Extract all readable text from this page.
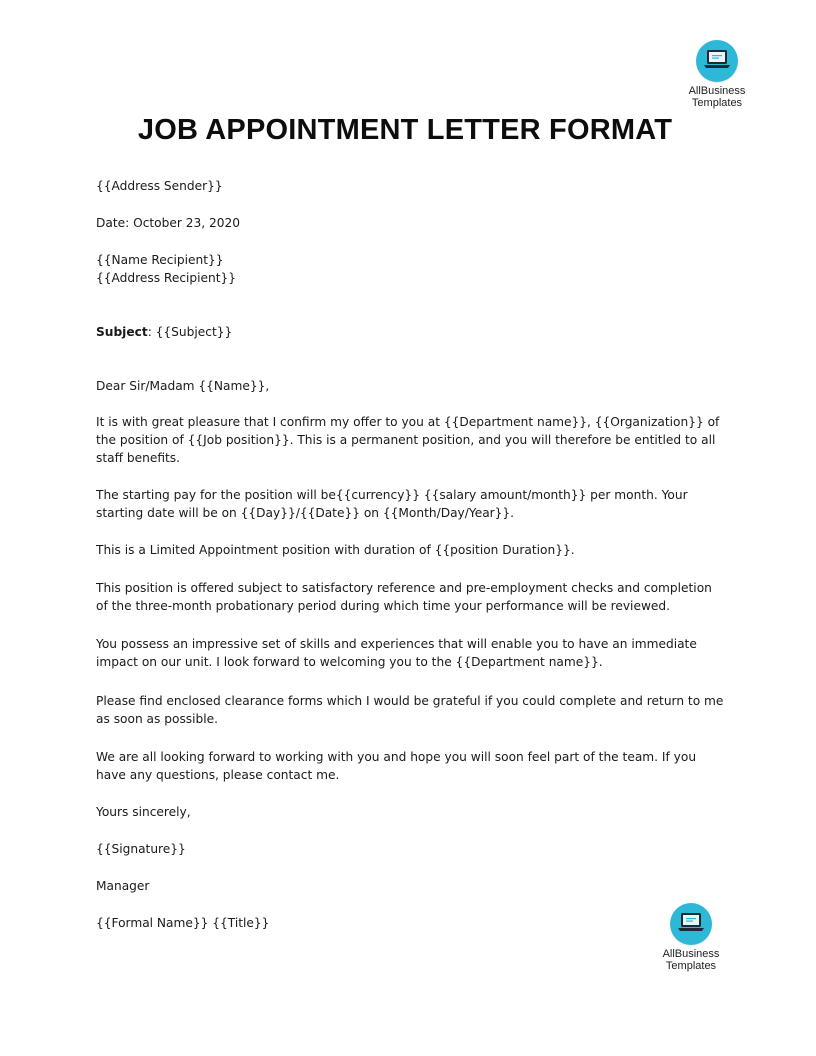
AllBusiness
Templates
JOB APPOINTMENT LETTER FORMAT

{{Address Sender}}

Date: October 23, 2020

{{Name Recipient}}

{{Address Recipient}}

Subject: {{Subject}}

Dear Sir/Madam {{Name}},

It is with great pleasure that I confirm my offer to you at {{Department name}}, {{Organization}} of the position of {{Job position}}. This is a permanent position, and you will therefore be entitled to all staff benefits.

The starting pay for the position will be{{currency}} {{salary amount/month}} per month. Your starting date will be on {{Day}}/{{Date}} on {{Month/Day/Year}}.

This is a Limited Appointment position with duration of {{position Duration}}.

This position is offered subject to satisfactory reference and pre-employment checks and completion of the three-month probationary period during which time your performance will be reviewed.

You possess an impressive set of skills and experiences that will enable you to have an immediate impact on our unit. I look forward to welcoming you to the {{Department name}}.

Please find enclosed clearance forms which I would be grateful if you could complete and return to me as soon as possible.

We are all looking forward to working with you and hope you will soon feel part of the team. If you have any questions, please contact me.

Yours sincerely,

{{Signature}}

Manager

{{Formal Name}} {{Title}}

AllBusiness
Templates
